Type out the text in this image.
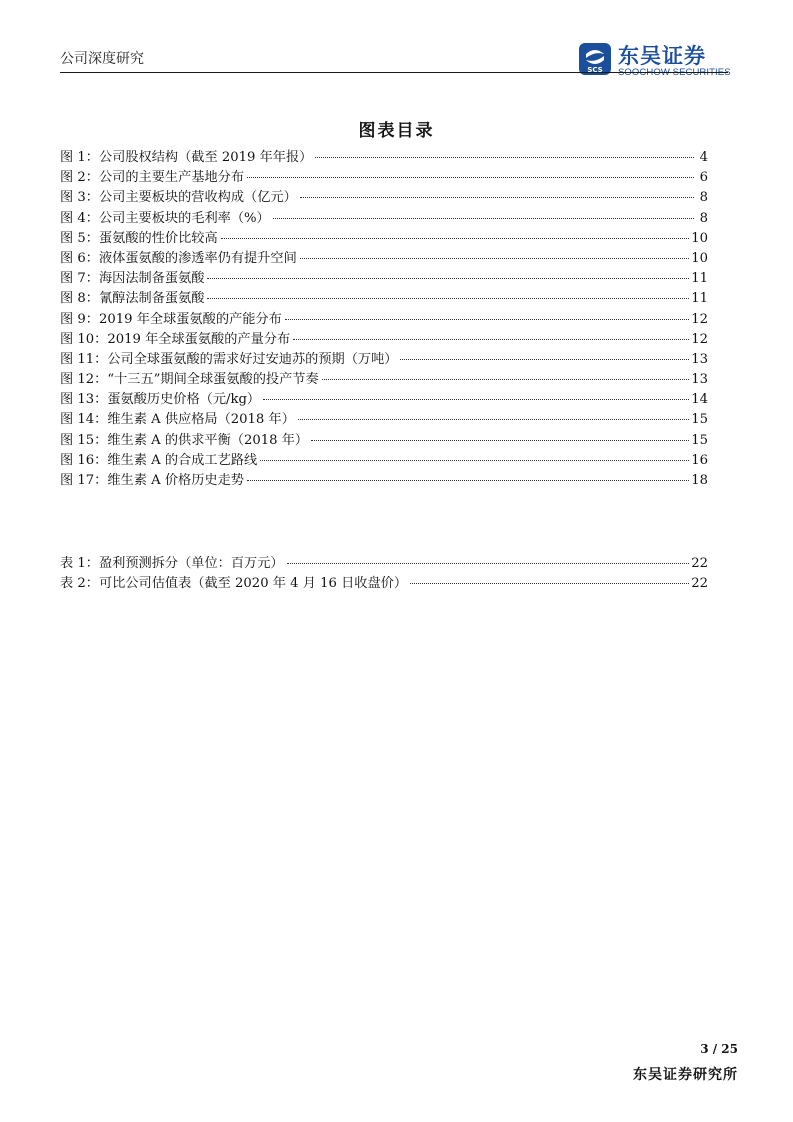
公司深度研究
SCS
东吴证券
SOOCHOW SECURITIES
图表目录
图 1：公司股权结构（截至 2019 年年报）	4
图 2：公司的主要生产基地分布	6
图 3：公司主要板块的营收构成（亿元）	8
图 4：公司主要板块的毛利率（%）	8
图 5：蛋氨酸的性价比较高	10
图 6：液体蛋氨酸的渗透率仍有提升空间	10
图 7：海因法制备蛋氨酸	11
图 8：氰醇法制备蛋氨酸	11
图 9：2019 年全球蛋氨酸的产能分布	12
图 10：2019 年全球蛋氨酸的产量分布	12
图 11：公司全球蛋氨酸的需求好过安迪苏的预期（万吨）	13
图 12：“十三五”期间全球蛋氨酸的投产节奏	13
图 13：蛋氨酸历史价格（元/kg）	14
图 14：维生素 A 供应格局（2018 年）	15
图 15：维生素 A 的供求平衡（2018 年）	15
图 16：维生素 A 的合成工艺路线	16
图 17：维生素 A 价格历史走势	18
表 1：盈利预测拆分（单位：百万元）	22
表 2：可比公司估值表（截至 2020 年 4 月 16 日收盘价）	22
3 / 25
东吴证券研究所
